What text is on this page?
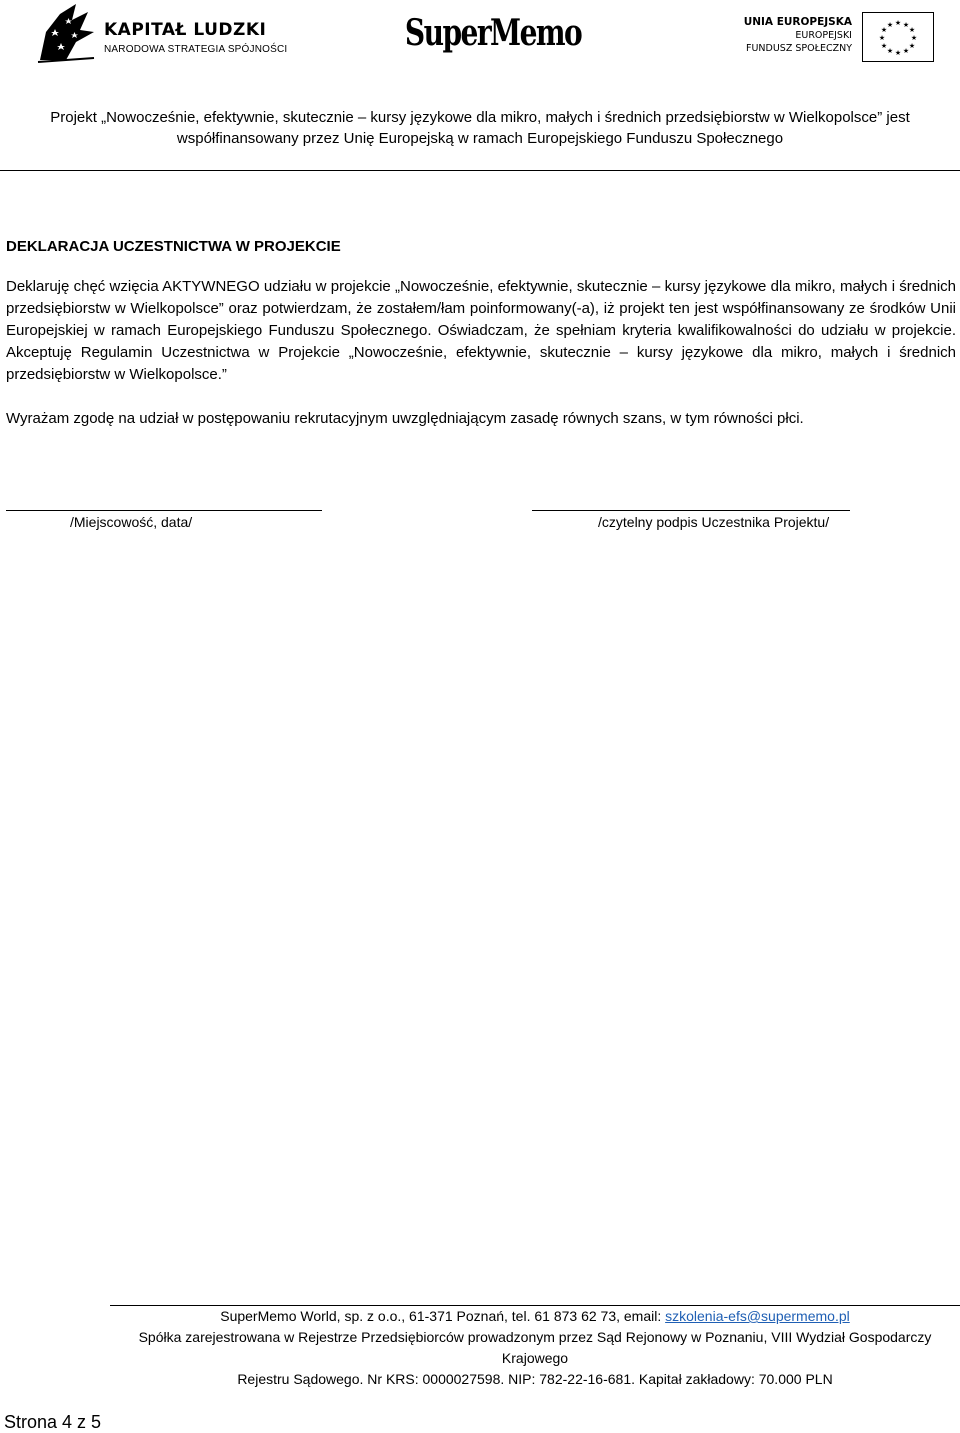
KAPITAŁ LUDZKI
NARODOWA STRATEGIA SPÓJNOŚCI	SuperMemo	UNIA EUROPEJSKA
EUROPEJSKI
FUNDUSZ SPOŁECZNY
★ ★
★
★
★
★
★
★
★
★
★
★
Projekt „Nowocześnie, efektywnie, skutecznie – kursy językowe dla mikro, małych i średnich przedsiębiorstw w Wielkopolsce” jest
współfinansowany przez Unię Europejską w ramach Europejskiego Funduszu Społecznego
DEKLARACJA UCZESTNICTWA W PROJEKCIE

Deklaruję chęć wzięcia AKTYWNEGO udziału w projekcie „Nowocześnie, efektywnie, skutecznie – kursy językowe dla mikro, małych i średnich przedsiębiorstw w Wielkopolsce” oraz potwierdzam, że zostałem/łam poinformowany(-a), iż projekt ten jest współfinansowany ze środków Unii Europejskiej w ramach Europejskiego Funduszu Społecznego. Oświadczam, że spełniam kryteria kwalifikowalności do udziału w projekcie. Akceptuję Regulamin Uczestnictwa w Projekcie „Nowocześnie, efektywnie, skutecznie – kursy językowe dla mikro, małych i średnich przedsiębiorstw w Wielkopolsce.”

Wyrażam zgodę na udział w postępowaniu rekrutacyjnym uwzględniającym zasadę równych szans, w tym równości płci.

/Miejscowość, data/	/czytelny podpis Uczestnika Projektu/
SuperMemo World, sp. z o.o., 61-371 Poznań, tel. 61 873 62 73, email: szkolenia-efs@supermemo.pl
Spółka zarejestrowana w Rejestrze Przedsiębiorców prowadzonym przez Sąd Rejonowy w Poznaniu, VIII Wydział Gospodarczy Krajowego
Rejestru Sądowego. Nr KRS: 0000027598. NIP: 782-22-16-681. Kapitał zakładowy: 70.000 PLN
Strona 4 z 5
